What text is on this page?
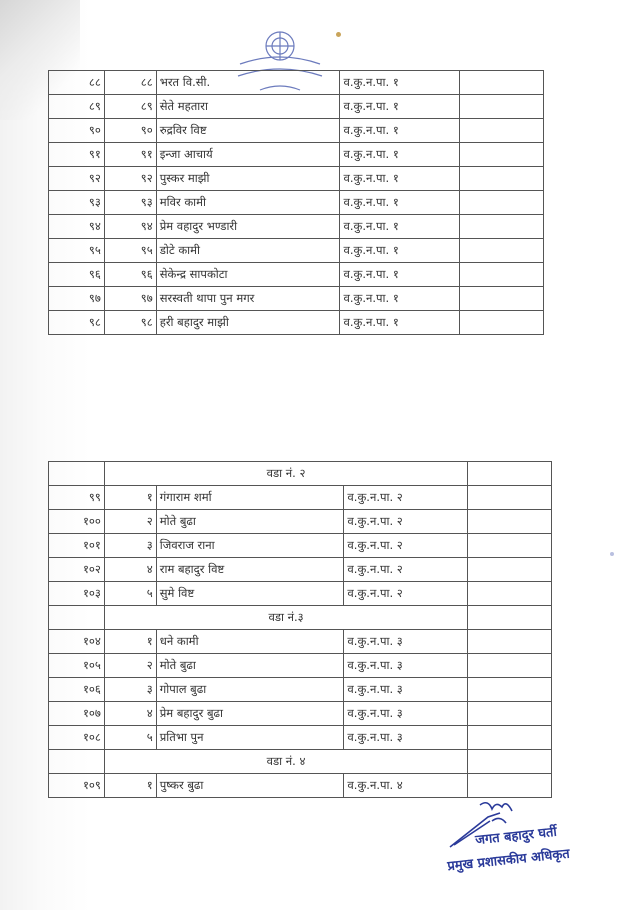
८८	८८	भरत वि.सी.	व.कु.न.पा. १	
८९	८९	सेते महतारा	व.कु.न.पा. १	
९०	९०	रुद्रविर विष्ट	व.कु.न.पा. १	
९१	९१	इन्जा आचार्य	व.कु.न.पा. १	
९२	९२	पुस्कर माझी	व.कु.न.पा. १	
९३	९३	मविर कामी	व.कु.न.पा. १	
९४	९४	प्रेम वहादुर भण्डारी	व.कु.न.पा. १	
९५	९५	डोटे कामी	व.कु.न.पा. १	
९६	९६	सेकेन्द्र सापकोटा	व.कु.न.पा. १	
९७	९७	सरस्वती थापा पुन मगर	व.कु.न.पा. १	
९८	९८	हरी बहादुर माझी	व.कु.न.पा. १	
	वडा नं. २			
९९	१	गंगाराम शर्मा	व.कु.न.पा. २	
१००	२	मोते बुढा	व.कु.न.पा. २	
१०१	३	जिवराज राना	व.कु.न.पा. २	
१०२	४	राम बहादुर विष्ट	व.कु.न.पा. २	
१०३	५	सुमे विष्ट	व.कु.न.पा. २	
	वडा नं.३			
१०४	१	धने कामी	व.कु.न.पा. ३	
१०५	२	मोते बुढा	व.कु.न.पा. ३	
१०६	३	गोपाल बुढा	व.कु.न.पा. ३	
१०७	४	प्रेम बहादुर बुढा	व.कु.न.पा. ३	
१०८	५	प्रतिभा पुन	व.कु.न.पा. ३	
	वडा नं. ४			
१०९	१	पुष्कर बुढा	व.कु.न.पा. ४	
जगत बहादुर घर्ती
प्रमुख प्रशासकीय अधिकृत
